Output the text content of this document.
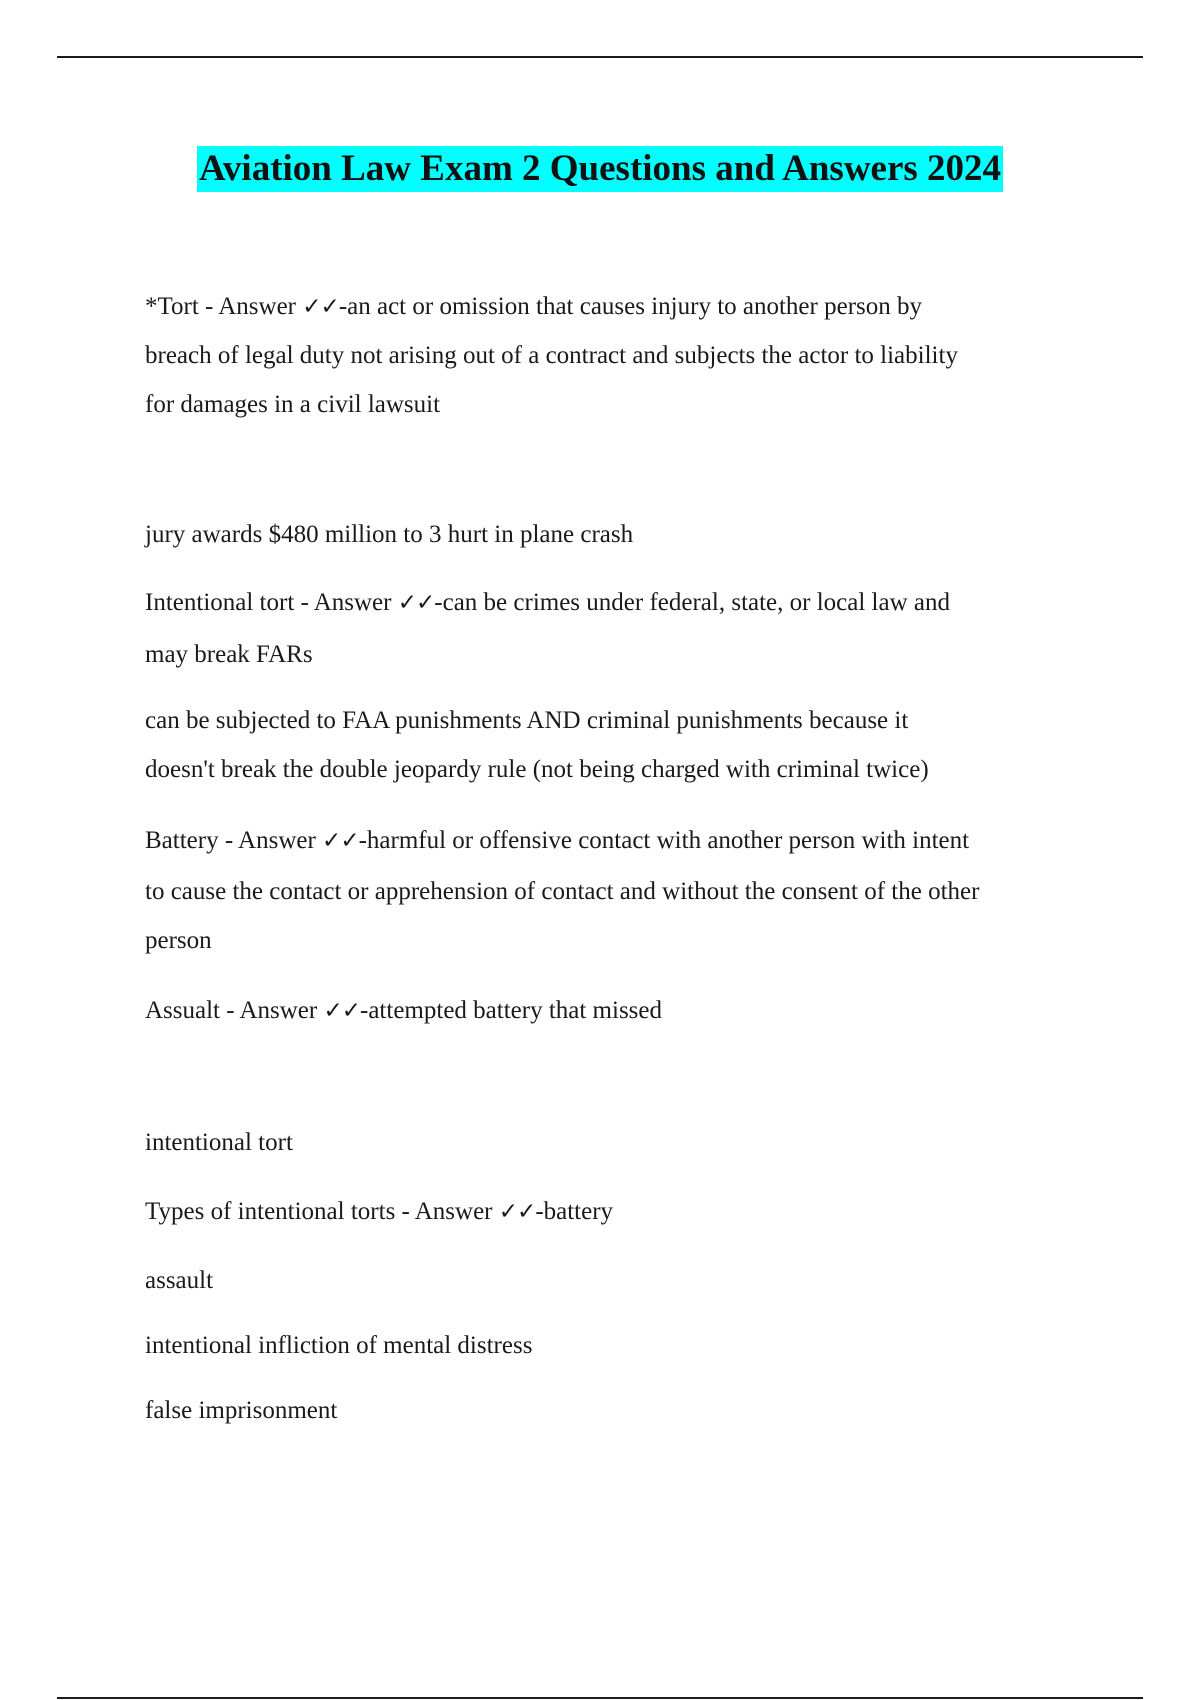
Aviation Law Exam 2 Questions and Answers 2024
*Tort - Answer ✓✓-an act or omission that causes injury to another person by
breach of legal duty not arising out of a contract and subjects the actor to liability
for damages in a civil lawsuit
jury awards $480 million to 3 hurt in plane crash
Intentional tort - Answer ✓✓-can be crimes under federal, state, or local law and
may break FARs
can be subjected to FAA punishments AND criminal punishments because it
doesn't break the double jeopardy rule (not being charged with criminal twice)
Battery - Answer ✓✓-harmful or offensive contact with another person with intent
to cause the contact or apprehension of contact and without the consent of the other
person
Assualt - Answer ✓✓-attempted battery that missed
intentional tort
Types of intentional torts - Answer ✓✓-battery
assault
intentional infliction of mental distress
false imprisonment
